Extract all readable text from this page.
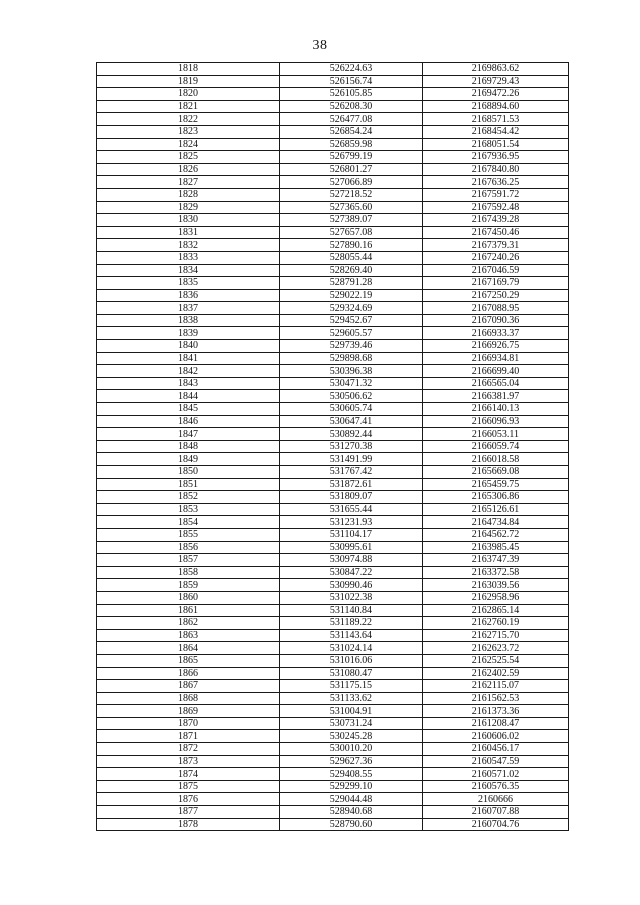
38
1818	526224.63	2169863.62
1819	526156.74	2169729.43
1820	526105.85	2169472.26
1821	526208.30	2168894.60
1822	526477.08	2168571.53
1823	526854.24	2168454.42
1824	526859.98	2168051.54
1825	526799.19	2167936.95
1826	526801.27	2167840.80
1827	527066.89	2167636.25
1828	527218.52	2167591.72
1829	527365.60	2167592.48
1830	527389.07	2167439.28
1831	527657.08	2167450.46
1832	527890.16	2167379.31
1833	528055.44	2167240.26
1834	528269.40	2167046.59
1835	528791.28	2167169.79
1836	529022.19	2167250.29
1837	529324.69	2167088.95
1838	529452.67	2167090.36
1839	529605.57	2166933.37
1840	529739.46	2166926.75
1841	529898.68	2166934.81
1842	530396.38	2166699.40
1843	530471.32	2166565.04
1844	530506.62	2166381.97
1845	530605.74	2166140.13
1846	530647.41	2166096.93
1847	530892.44	2166053.11
1848	531270.38	2166059.74
1849	531491.99	2166018.58
1850	531767.42	2165669.08
1851	531872.61	2165459.75
1852	531809.07	2165306.86
1853	531655.44	2165126.61
1854	531231.93	2164734.84
1855	531104.17	2164562.72
1856	530995.61	2163985.45
1857	530974.88	2163747.39
1858	530847.22	2163372.58
1859	530990.46	2163039.56
1860	531022.38	2162958.96
1861	531140.84	2162865.14
1862	531189.22	2162760.19
1863	531143.64	2162715.70
1864	531024.14	2162623.72
1865	531016.06	2162525.54
1866	531080.47	2162402.59
1867	531175.15	2162115.07
1868	531133.62	2161562.53
1869	531004.91	2161373.36
1870	530731.24	2161208.47
1871	530245.28	2160606.02
1872	530010.20	2160456.17
1873	529627.36	2160547.59
1874	529408.55	2160571.02
1875	529299.10	2160576.35
1876	529044.48	2160666
1877	528940.68	2160707.88
1878	528790.60	2160704.76
